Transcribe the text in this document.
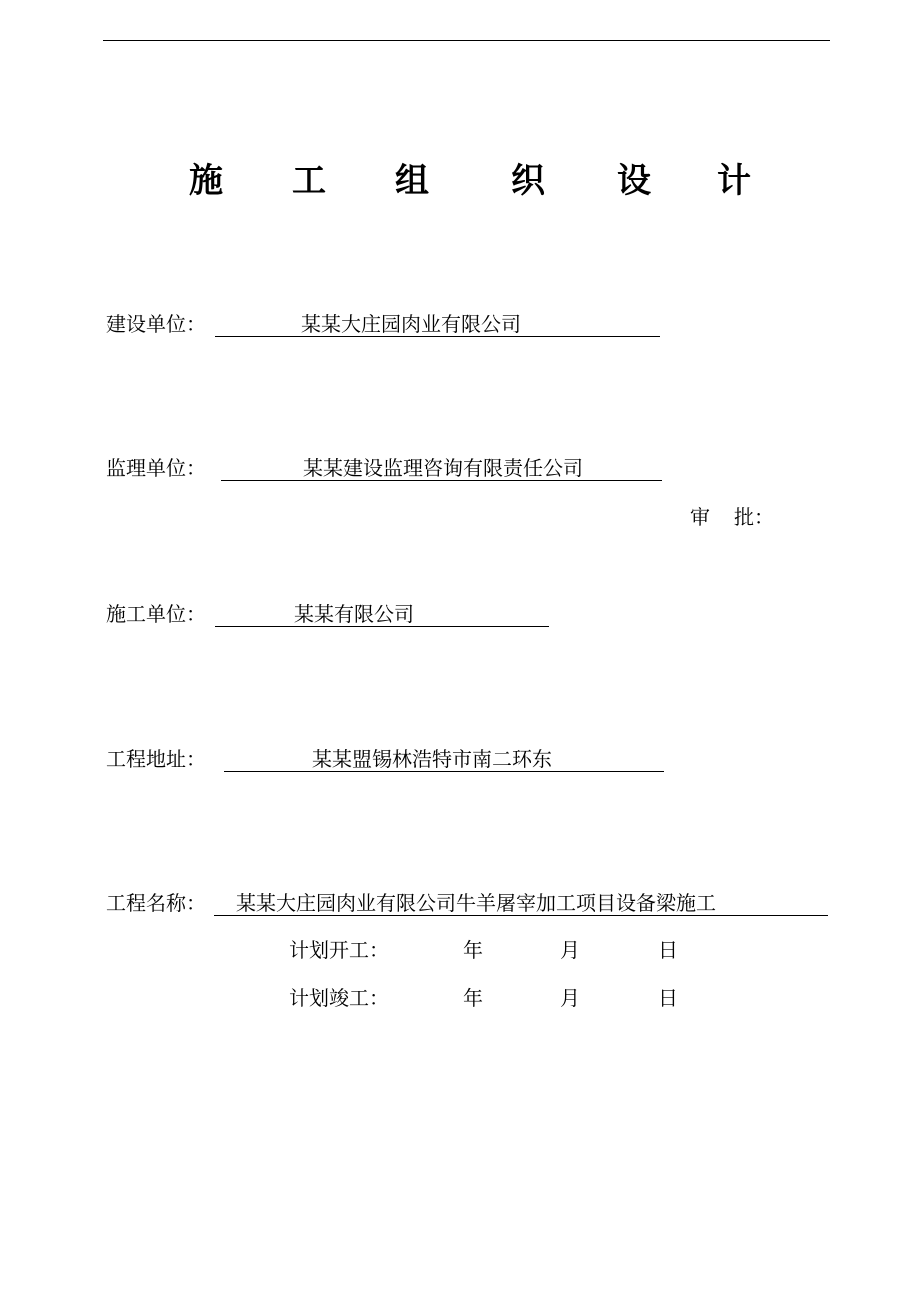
施 工 组 织 设 计
建设单位：	某某大庄园肉业有限公司
监理单位：	某某建设监理咨询有限责任公司
审 批：
施工单位：	某某有限公司
工程地址：	某某盟锡林浩特市南二环东
工程名称： 某某大庄园肉业有限公司牛羊屠宰加工项目设备梁施工
计划开工：	年	月	日
计划竣工：	年	月	日
